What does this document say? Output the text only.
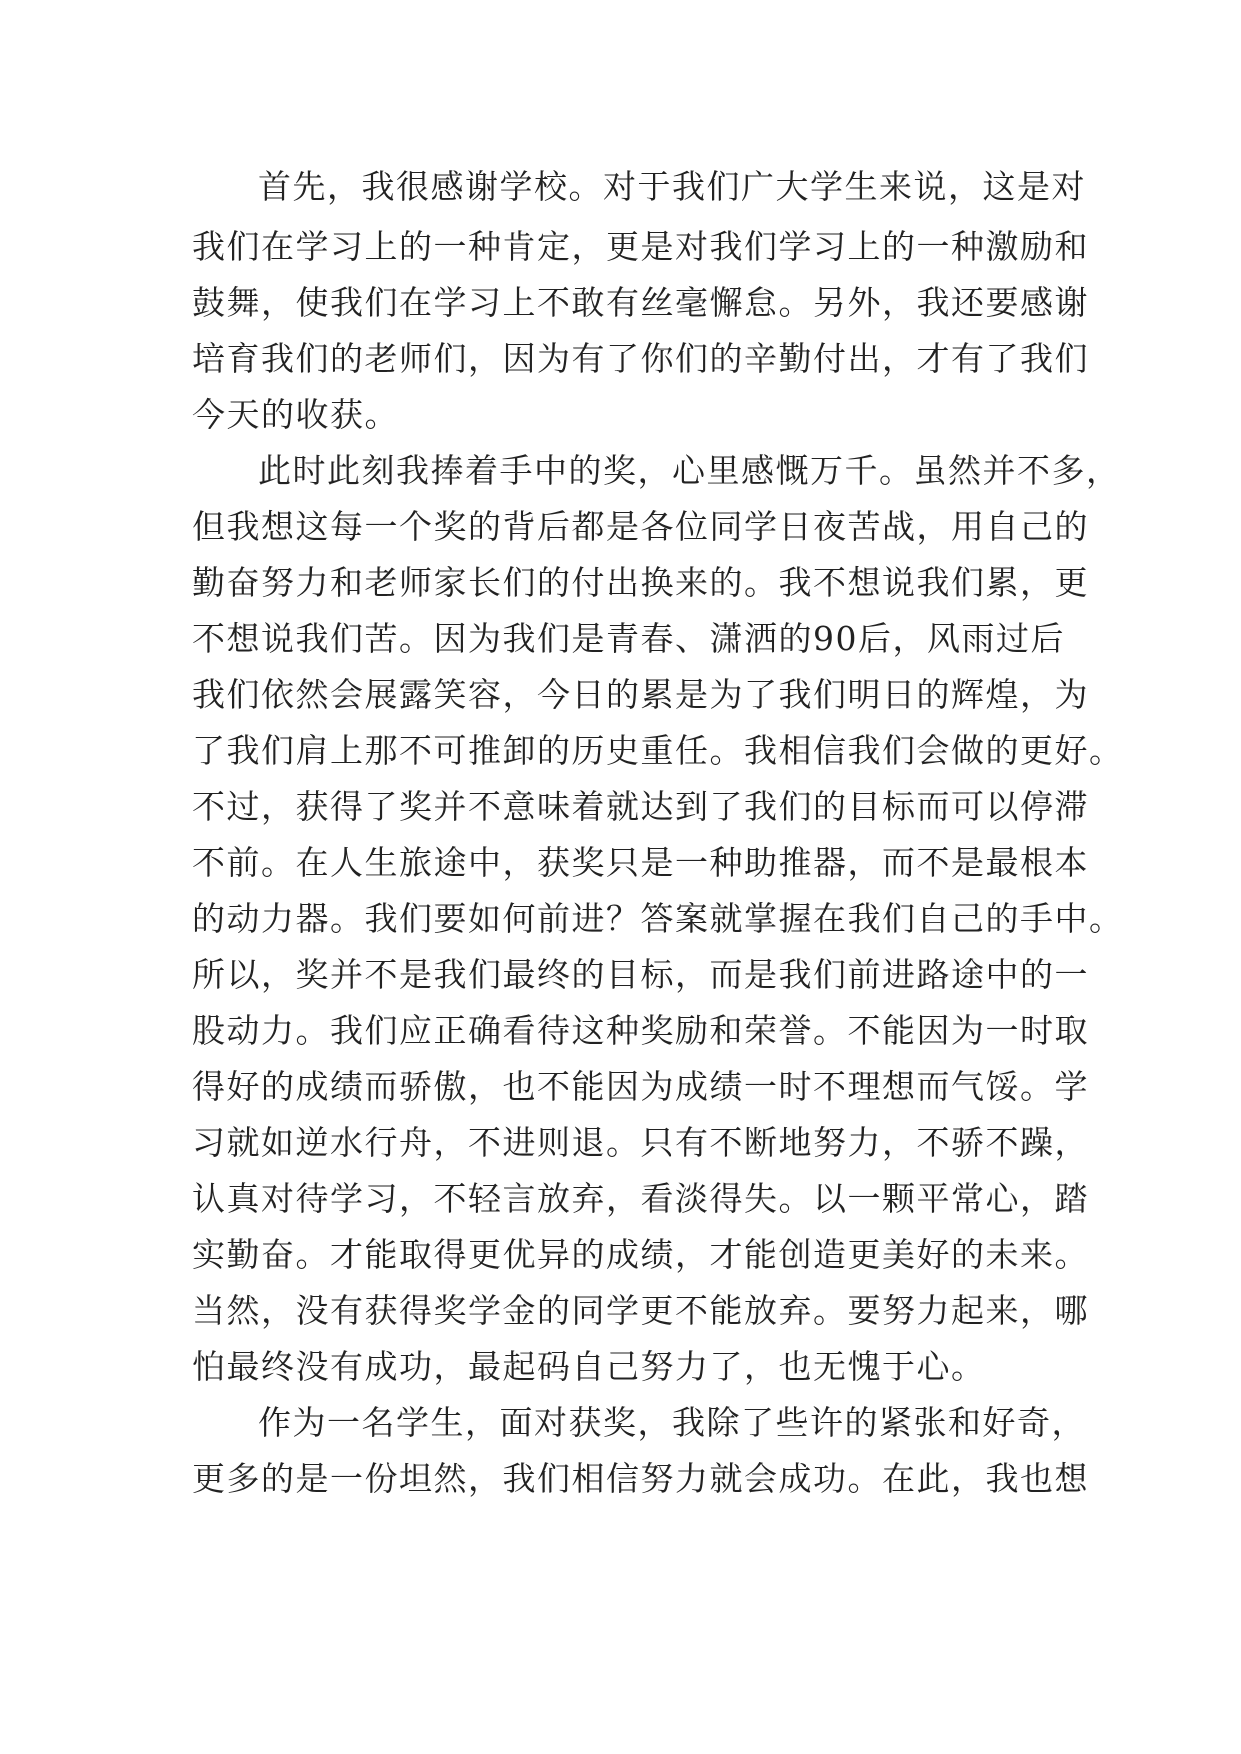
首先，我很感谢学校。对于我们广大学生来说，这是对
我们在学习上的一种肯定，更是对我们学习上的一种激励和
鼓舞，使我们在学习上不敢有丝毫懈怠。另外，我还要感谢
培育我们的老师们，因为有了你们的辛勤付出，才有了我们
今天的收获。
此时此刻我捧着手中的奖，心里感慨万千。虽然并不多，
但我想这每一个奖的背后都是各位同学日夜苦战，用自己的
勤奋努力和老师家长们的付出换来的。我不想说我们累，更
不想说我们苦。因为我们是青春、潇洒的90后，风雨过后
我们依然会展露笑容，今日的累是为了我们明日的辉煌，为
了我们肩上那不可推卸的历史重任。我相信我们会做的更好。
不过，获得了奖并不意味着就达到了我们的目标而可以停滞
不前。在人生旅途中，获奖只是一种助推器，而不是最根本
的动力器。我们要如何前进？答案就掌握在我们自己的手中。
所以，奖并不是我们最终的目标，而是我们前进路途中的一
股动力。我们应正确看待这种奖励和荣誉。不能因为一时取
得好的成绩而骄傲，也不能因为成绩一时不理想而气馁。学
习就如逆水行舟，不进则退。只有不断地努力，不骄不躁，
认真对待学习，不轻言放弃，看淡得失。以一颗平常心，踏
实勤奋。才能取得更优异的成绩，才能创造更美好的未来。
当然，没有获得奖学金的同学更不能放弃。要努力起来，哪
怕最终没有成功，最起码自己努力了，也无愧于心。
作为一名学生，面对获奖，我除了些许的紧张和好奇，
更多的是一份坦然，我们相信努力就会成功。在此，我也想
